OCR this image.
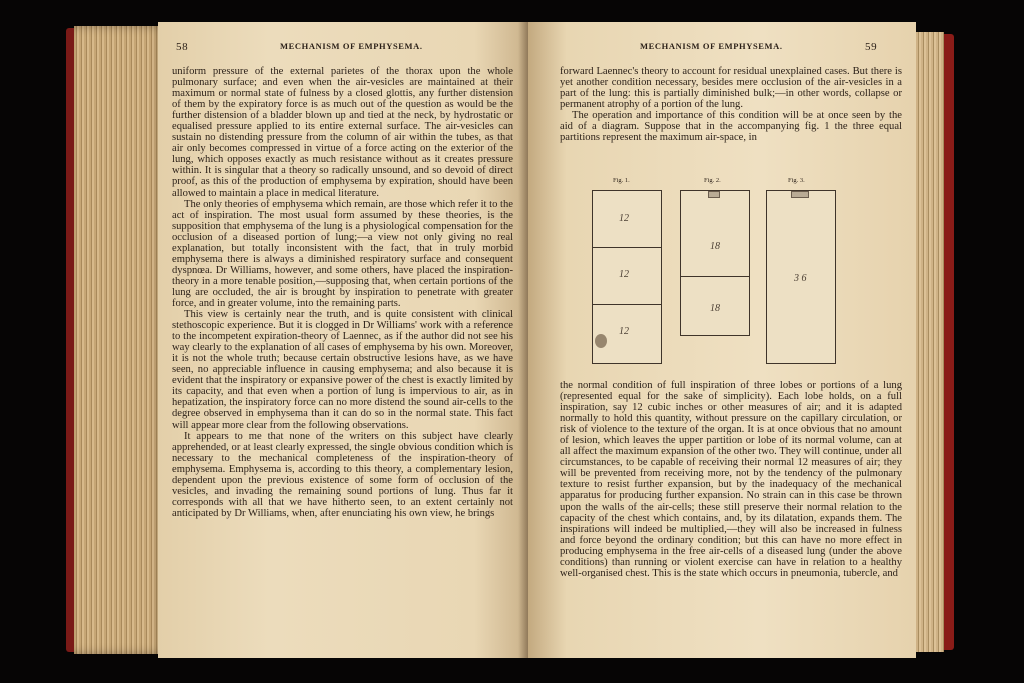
58	MECHANISM OF EMPHYSEMA.

uniform pressure of the external parietes of the thorax upon the whole pulmonary surface; and even when the air-vesicles are maintained at their maximum or normal state of fulness by a closed glottis, any further distension of them by the expiratory force is as much out of the question as would be the further distension of a bladder blown up and tied at the neck, by hydrostatic or equalised pressure applied to its entire external surface. The air-vesicles can sustain no distending pressure from the column of air within the tubes, as that air only becomes compressed in virtue of a force acting on the exterior of the lung, which opposes exactly as much resistance without as it creates pressure within. It is singular that a theory so radically unsound, and so devoid of direct proof, as this of the production of emphysema by expiration, should have been allowed to maintain a place in medical literature.

The only theories of emphysema which remain, are those which refer it to the act of inspiration. The most usual form assumed by these theories, is the supposition that emphysema of the lung is a physiological compensation for the occlusion of a diseased portion of lung;—a view not only giving no real explanation, but totally inconsistent with the fact, that in truly morbid emphysema there is always a diminished respiratory surface and consequent dyspnœa. Dr Williams, however, and some others, have placed the inspiration-theory in a more tenable position,—supposing that, when certain portions of the lung are occluded, the air is brought by inspiration to penetrate with greater force, and in greater volume, into the remaining parts.

This view is certainly near the truth, and is quite consistent with clinical stethoscopic experience. But it is clogged in Dr Williams' work with a reference to the incompetent expiration-theory of Laennec, as if the author did not see his way clearly to the explanation of all cases of emphysema by his own. Moreover, it is not the whole truth; because certain obstructive lesions have, as we have seen, no appreciable influence in causing emphysema; and also because it is evident that the inspiratory or expansive power of the chest is exactly limited by its capacity, and that even when a portion of lung is impervious to air, as in hepatization, the inspiratory force can no more distend the sound air-cells to the degree observed in emphysema than it can do so in the normal state. This fact will appear more clear from the following observations.

It appears to me that none of the writers on this subject have clearly apprehended, or at least clearly expressed, the single obvious condition which is necessary to the mechanical completeness of the inspiration-theory of emphysema. Emphysema is, according to this theory, a complementary lesion, dependent upon the previous existence of some form of occlusion of the vesicles, and invading the remaining sound portions of lung. Thus far it corresponds with all that we have hitherto seen, to an extent certainly not anticipated by Dr Williams, when, after enunciating his own view, he brings

MECHANISM OF EMPHYSEMA.	59

forward Laennec's theory to account for residual unexplained cases. But there is yet another condition necessary, besides mere occlusion of the air-vesicles in a part of the lung: this is partially diminished bulk;—in other words, collapse or permanent atrophy of a portion of the lung.

The operation and importance of this condition will be at once seen by the aid of a diagram. Suppose that in the accompanying fig. 1 the three equal partitions represent the maximum air-space, in

Fig. 1.
12
12
12
Fig. 2.
18
18
Fig. 3.
3 6

the normal condition of full inspiration of three lobes or portions of a lung (represented equal for the sake of simplicity). Each lobe holds, on a full inspiration, say 12 cubic inches or other measures of air; and it is adapted normally to hold this quantity, without pressure on the capillary circulation, or risk of violence to the texture of the organ. It is at once obvious that no amount of lesion, which leaves the upper partition or lobe of its normal volume, can at all affect the maximum expansion of the other two. They will continue, under all circumstances, to be capable of receiving their normal 12 measures of air; they will be prevented from receiving more, not by the tendency of the pulmonary texture to resist further expansion, but by the inadequacy of the mechanical apparatus for producing further expansion. No strain can in this case be thrown upon the walls of the air-cells; these still preserve their normal relation to the capacity of the chest which contains, and, by its dilatation, expands them. The inspirations will indeed be multiplied,—they will also be increased in fulness and force beyond the ordinary condition; but this can have no more effect in producing emphysema in the free air-cells of a diseased lung (under the above conditions) than running or violent exercise can have in relation to a healthy well-organised chest. This is the state which occurs in pneumonia, tubercle, and
